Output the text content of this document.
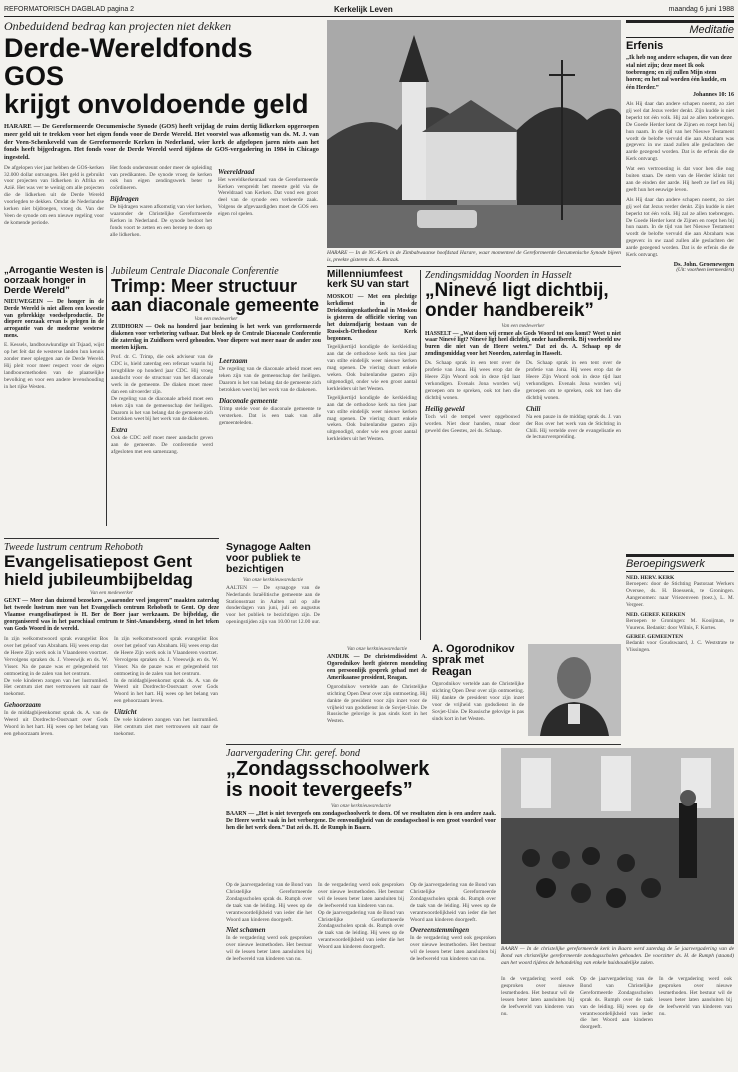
REFORMATORISCH DAGBLAD pagina 2	Kerkelijk Leven	maandag 6 juni 1988
Onbeduidend bedrag kan projecten niet dekken
Derde-Wereldfonds GOS
krijgt onvoldoende geld
HARARE — De Gereformeerde Oecumenische Synode (GOS) heeft vrijdag de ruim dertig lidkerken opgeroepen meer geld uit te trekken voor het eigen fonds voor de Derde Wereld. Het voorstel was afkomstig van ds. M. J. van der Veen-Schenkeveld van de Gereformeerde Kerken in Nederland, wier kerk de afgelopen jaren niets aan het fonds heeft bijgedragen. Het fonds voor de Derde Wereld werd tijdens de GOS-vergadering in 1984 in Chicago ingesteld.
De afgelopen vier jaar hebben de GOS-kerken 32.000 dollar ontvangen. Het geld is gebruikt voor projecten van lidkerken in Afrika en Azië. Het was ver te weinig om alle projecten die de lidkerken uit de Derde Wereld voorlegden te dekken. Omdat de Nederlandse kerken niet bijdroegen, vroeg ds. Van der Veen de synode om een nieuwe regeling voor de komende periode.
Het fonds ondersteunt onder meer de opleiding van predikanten. De synode vroeg de kerken ook hun eigen zendingswerk beter te coördineren.
Bijdragen
De bijdragen waren afkomstig van vier kerken, waaronder de Christelijke Gereformeerde Kerken in Nederland. De synode besloot het fonds voort te zetten en een beroep te doen op alle lidkerken.
Weereldraad
Het wereldkerkenraad van de Gereformeerde Kerken verspreidt het meeste geld via de Wereldraad van Kerken. Dat vond een groot deel van de synode een verkeerde zaak. Volgens de afgevaardigden moet de GOS een eigen rol spelen.
HARARE — In de NG-Kerk in de Zimbabwaanse hoofdstad Harare, waar momenteel de Gereformeerde Oecumenische Synode bijeen is, preekte gisteren ds. A. Bonzak.
Meditatie
Erfenis
„Ik heb nog andere schapen, die van deze stal niet zijn; deze moet Ik ook toebrengen; en zij zullen Mijn stem horen; en het zal worden één kudde, en één Herder.”
Johannes 10: 16
Als Hij daar dan andere schapen noemt, zo ziet gij wel dat Jezus verder denkt. Zijn kudde is niet beperkt tot één volk. Hij zal ze allen toebrengen. De Goede Herder kent de Zijnen en roept hen bij hun naam. In de tijd van het Nieuwe Testament wordt de belofte vervuld die aan Abraham was gegeven: in uw zaad zullen alle geslachten der aarde gezegend worden. Dat is de erfenis die de Kerk ontvangt.
Wat een vertroosting is dat voor hen die nog buiten staan. De stem van de Herder klinkt tot aan de einden der aarde. Hij heeft ze lief en Hij geeft hun het eeuwige leven.
Als Hij daar dan andere schapen noemt, zo ziet gij wel dat Jezus verder denkt. Zijn kudde is niet beperkt tot één volk. Hij zal ze allen toebrengen. De Goede Herder kent de Zijnen en roept hen bij hun naam. In de tijd van het Nieuwe Testament wordt de belofte vervuld die aan Abraham was gegeven: in uw zaad zullen alle geslachten der aarde gezegend worden. Dat is de erfenis die de Kerk ontvangt.
Ds. John. Groenewegen
(Uit: voorheen leermeesters)
Beroepingswerk
NED. HERV. KERK
Beroepen: door de Stichting Pastoraat Werkers Oversee, ds. H. Boessenk, te Groningen. Aangenomen: naar Vriezenveen (toez.), L. M. Vergeer.
NED. GEREF. KERKEN
Beroepen te Groningen: M. Kooijman, te Vuurens. Bedankt: door Wilnis, F. Kortes.
GEREF. GEMEENTEN
Bedankt voor Goudswaard, J. C. Weststrate te Vlissingen.
„Arrogantie Westen is oorzaak honger in Derde Wereld”
NIEUWEGEIN — De honger in de Derde Wereld is niet alleen een kwestie van gebrekkige voedselproductie. De diepere oorzaak ervan is gelegen in de arrogantie van de moderne westerse mens.
E. Kessels, landbouwkundige uit Tsjaad, wijst op het feit dat de westerse landen hun kennis zonder meer opleggen aan de Derde Wereld. Hij pleit voor meer respect voor de eigen landbouwmethoden van de plaatselijke bevolking en voor een andere levenshouding in het rijke Westen.
Jubileum Centrale Diaconale Conferentie
Trimp: Meer structuur
aan diaconale gemeente
Van een medewerker
ZUIDHORN — Ook na honderd jaar beziening is het werk van gereformeerde diakenen voor verbetering vatbaar. Dat bleek op de Centrale Diaconale Conferentie die zaterdag in Zuidhorn werd gehouden. Voor diepere wat meer naar de ander zou moeten kijken.
Prof. dr. C. Trimp, die ook adviseur van de CDC is, hield zaterdag een referaat waarin hij terugblikte op honderd jaar CDC. Hij vroeg aandacht voor de structuur van het diaconale werk in de gemeente. De diaken moet meer dan een uitvoerder zijn.
De regeling van de diaconale arbeid moet een teken zijn van de gemeenschap der heiligen. Daarom is het van belang dat de gemeente zich betrokken weet bij het werk van de diakenen.
Extra
Ook de CDC zelf moet meer aandacht geven aan de gemeente. De conferentie werd afgesloten met een samenzang.
Leerzaam
De regeling van de diaconale arbeid moet een teken zijn van de gemeenschap der heiligen. Daarom is het van belang dat de gemeente zich betrokken weet bij het werk van de diakenen.
Diaconale gemeente
Trimp stelde voor de diaconale gemeente te versterken. Dat is een taak van alle gemeenteleden.
Millenniumfeest kerk SU van start
MOSKOU — Met een plechtige kerkdienst in de Driekoningenkathedraal in Moskou is gisteren de officiële viering van het duizendjarig bestaan van de Russisch-Orthodoxe Kerk begonnen.
Tegelijkertijd kondigde de kerkleiding aan dat de orthodoxe kerk na tien jaar van stilte eindelijk weer nieuwe kerken mag openen. De viering duurt enkele weken. Ook buitenlandse gasten zijn uitgenodigd, onder wie een groot aantal kerkleiders uit het Westen.
Tegelijkertijd kondigde de kerkleiding aan dat de orthodoxe kerk na tien jaar van stilte eindelijk weer nieuwe kerken mag openen. De viering duurt enkele weken. Ook buitenlandse gasten zijn uitgenodigd, onder wie een groot aantal kerkleiders uit het Westen.
Zendingsmiddag Noorden in Hasselt
„Ninevé ligt dichtbij,
onder handbereik”
Van een medewerker
HASSELT — „Wat doen wij ermee als Gods Woord tot ons komt? Weet u niet waar Ninevé ligt? Ninevé ligt heel dichtbij, onder handbereik. Bij voorbeeld uw buren die niet van de Heere weten.” Dat zei ds. A. Schaap op de zendingsmiddag voor het Noorden, zaterdag in Hasselt.
Ds. Schaap sprak in een tent over de profetie van Jona. Hij wees erop dat de Heere Zijn Woord ook in deze tijd laat verkondigen. Evenals Jona worden wij geroepen om te spreken, ook tot hen die dichtbij wonen.
Heilig geweld
Toch wil de tempel weer opgebouwd worden. Niet door handen, maar door geweld des Geestes, zei ds. Schaap.
Ds. Schaap sprak in een tent over de profetie van Jona. Hij wees erop dat de Heere Zijn Woord ook in deze tijd laat verkondigen. Evenals Jona worden wij geroepen om te spreken, ook tot hen die dichtbij wonen.
Chili
Na een pauze in de middag sprak ds. J. van der Ros over het werk van de Stichting in Chili. Hij vertelde over de evangelisatie en de lectuurverspreiding.
Tweede lustrum centrum Rehoboth
Evangelisatiepost Gent
hield jubileumbijbeldag
Van een medewerker
GENT — Meer dan duizend bezoekers „waaronder veel jongeren” maakten zaterdag het tweede lustrum mee van het Evangelisch centrum Rehoboth te Gent. Op deze Vlaamse evangelisatiepost is H. Ber de Boer jaar werkzaam. De bijbeldag, die georganiseerd was in het parochiaal centrum te Sint-Amandsberg, stond in het teken van Gods Woord in de wereld.
In zijn welkomstwoord sprak evangelist Bos over het geloof van Abraham. Hij wees erop dat de Heere Zijn werk ook in Vlaanderen voortzet. Vervolgens spraken ds. J. Vreeswijk en ds. W. Visser. Na de pauze was er gelegenheid tot ontmoeting in de zalen van het centrum.
De vele kinderen zongen van het lustrumlied. Het centrum ziet met vertrouwen uit naar de toekomst.
Gehoorzaam
In de middagbijeenkomst sprak ds. A. van de Weerd uit Dordrecht-Oostvaart over Gods Woord in het hart. Hij wees op het belang van een gehoorzaam leven.
In zijn welkomstwoord sprak evangelist Bos over het geloof van Abraham. Hij wees erop dat de Heere Zijn werk ook in Vlaanderen voortzet. Vervolgens spraken ds. J. Vreeswijk en ds. W. Visser. Na de pauze was er gelegenheid tot ontmoeting in de zalen van het centrum.
In de middagbijeenkomst sprak ds. A. van de Weerd uit Dordrecht-Oostvaart over Gods Woord in het hart. Hij wees op het belang van een gehoorzaam leven.
Uitzicht
De vele kinderen zongen van het lustrumlied. Het centrum ziet met vertrouwen uit naar de toekomst.
Synagoge Aalten voor publiek te bezichtigen
Van onze kerknieuwsredactie
AALTEN — De synagoge van de Nederlands Israëlitische gemeente aan de Stationsstraat in Aalten zal op alle donderdagen van juni, juli en augustus voor het publiek te bezichtigen zijn. De openingstijden zijn van 10.00 tot 12.00 uur.
Van onze kerknieuwsredactie
ANDIJK — De christendissident A. Ogorodnikov heeft gisteren mondeling een persoonlijk gesprek gehad met de Amerikaanse president, Reagan.
Ogorodnikov vertelde aan de Christelijke stichting Open Deur over zijn ontmoeting. Hij dankte de president voor zijn inzet voor de vrijheid van godsdienst in de Sovjet-Unie. De Russische gelovige is pas sinds kort in het Westen.
A. Ogorodnikov sprak met Reagan
Ogorodnikov vertelde aan de Christelijke stichting Open Deur over zijn ontmoeting. Hij dankte de president voor zijn inzet voor de vrijheid van godsdienst in de Sovjet-Unie. De Russische gelovige is pas sinds kort in het Westen.
Jaarvergadering Chr. geref. bond
„Zondagsschoolwerk
is nooit tevergeefs”
Van onze kerknieuwsredactie
BAARN — „Het is niet tevergeefs om zondagsschoolwerk te doen. Of we resultaten zien is een andere zaak. De Heere werkt vaak in het verborgene. De eenvoudigheid van de zondagsschool is een groot voordeel voor hen die het werk doen.” Dat zei ds. H. de Rumph in Baarn.
Op de jaarvergadering van de Bond van Christelijke Gereformeerde Zondagsscholen sprak ds. Rumph over de taak van de leiding. Hij wees op de verantwoordelijkheid van ieder die het Woord aan kinderen doorgeeft.
Niet schamen
In de vergadering werd ook gesproken over nieuwe lesmethoden. Het bestuur wil de lessen beter laten aansluiten bij de leefwereld van kinderen van nu.
In de vergadering werd ook gesproken over nieuwe lesmethoden. Het bestuur wil de lessen beter laten aansluiten bij de leefwereld van kinderen van nu.
Op de jaarvergadering van de Bond van Christelijke Gereformeerde Zondagsscholen sprak ds. Rumph over de taak van de leiding. Hij wees op de verantwoordelijkheid van ieder die het Woord aan kinderen doorgeeft.
Op de jaarvergadering van de Bond van Christelijke Gereformeerde Zondagsscholen sprak ds. Rumph over de taak van de leiding. Hij wees op de verantwoordelijkheid van ieder die het Woord aan kinderen doorgeeft.
Overeenstemmingen
In de vergadering werd ook gesproken over nieuwe lesmethoden. Het bestuur wil de lessen beter laten aansluiten bij de leefwereld van kinderen van nu.
BAARN — In de christelijke gereformeerde kerk in Baarn werd zaterdag de 5e jaarvergadering van de Bond van christelijke gereformeerde zondagsscholen gehouden. De voorzitter ds. H. de Rumph (staand) aan het woord tijdens de behandeling van enkele huishoudelijke zaken.
In de vergadering werd ook gesproken over nieuwe lesmethoden. Het bestuur wil de lessen beter laten aansluiten bij de leefwereld van kinderen van nu.
Op de jaarvergadering van de Bond van Christelijke Gereformeerde Zondagsscholen sprak ds. Rumph over de taak van de leiding. Hij wees op de verantwoordelijkheid van ieder die het Woord aan kinderen doorgeeft.
In de vergadering werd ook gesproken over nieuwe lesmethoden. Het bestuur wil de lessen beter laten aansluiten bij de leefwereld van kinderen van nu.
